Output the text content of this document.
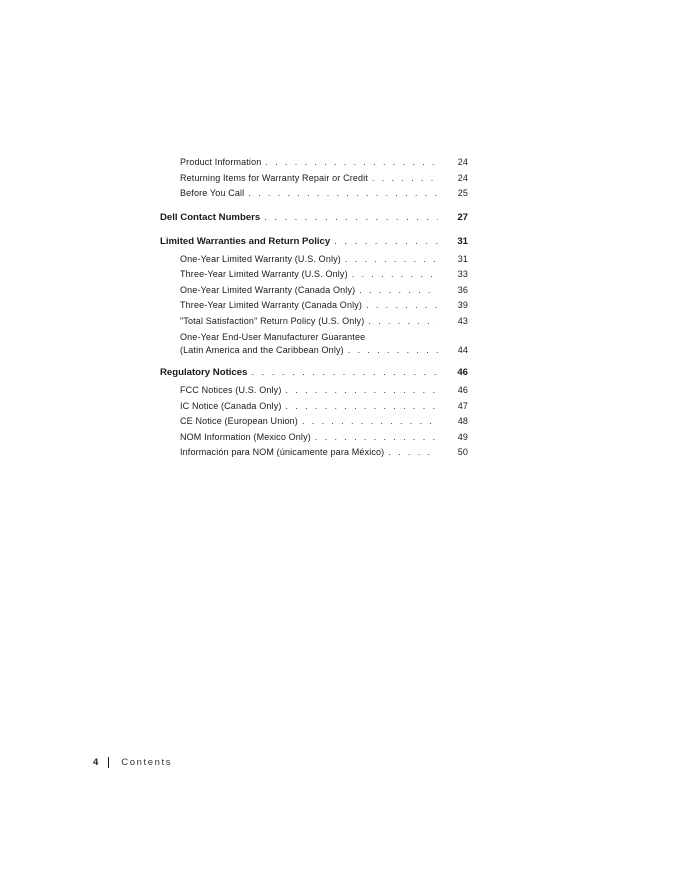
Product Information . . .	24
Returning Items for Warranty Repair or Credit . . .	24
Before You Call . . .	25
Dell Contact Numbers . . .	27
Limited Warranties and Return Policy . . .	31
One-Year Limited Warranty (U.S. Only) . . .	31
Three-Year Limited Warranty (U.S. Only) . . .	33
One-Year Limited Warranty (Canada Only) . . .	36
Three-Year Limited Warranty (Canada Only) . . .	39
"Total Satisfaction" Return Policy (U.S. Only) . . .	43
One-Year End-User Manufacturer Guarantee
(Latin America and the Caribbean Only) . . .	44
Regulatory Notices . . .	46
FCC Notices (U.S. Only) . . .	46
IC Notice (Canada Only) . . .	47
CE Notice (European Union) . . .	48
NOM Information (Mexico Only) . . .	49
Información para NOM (únicamente para México) . . .	50
4 Contents
